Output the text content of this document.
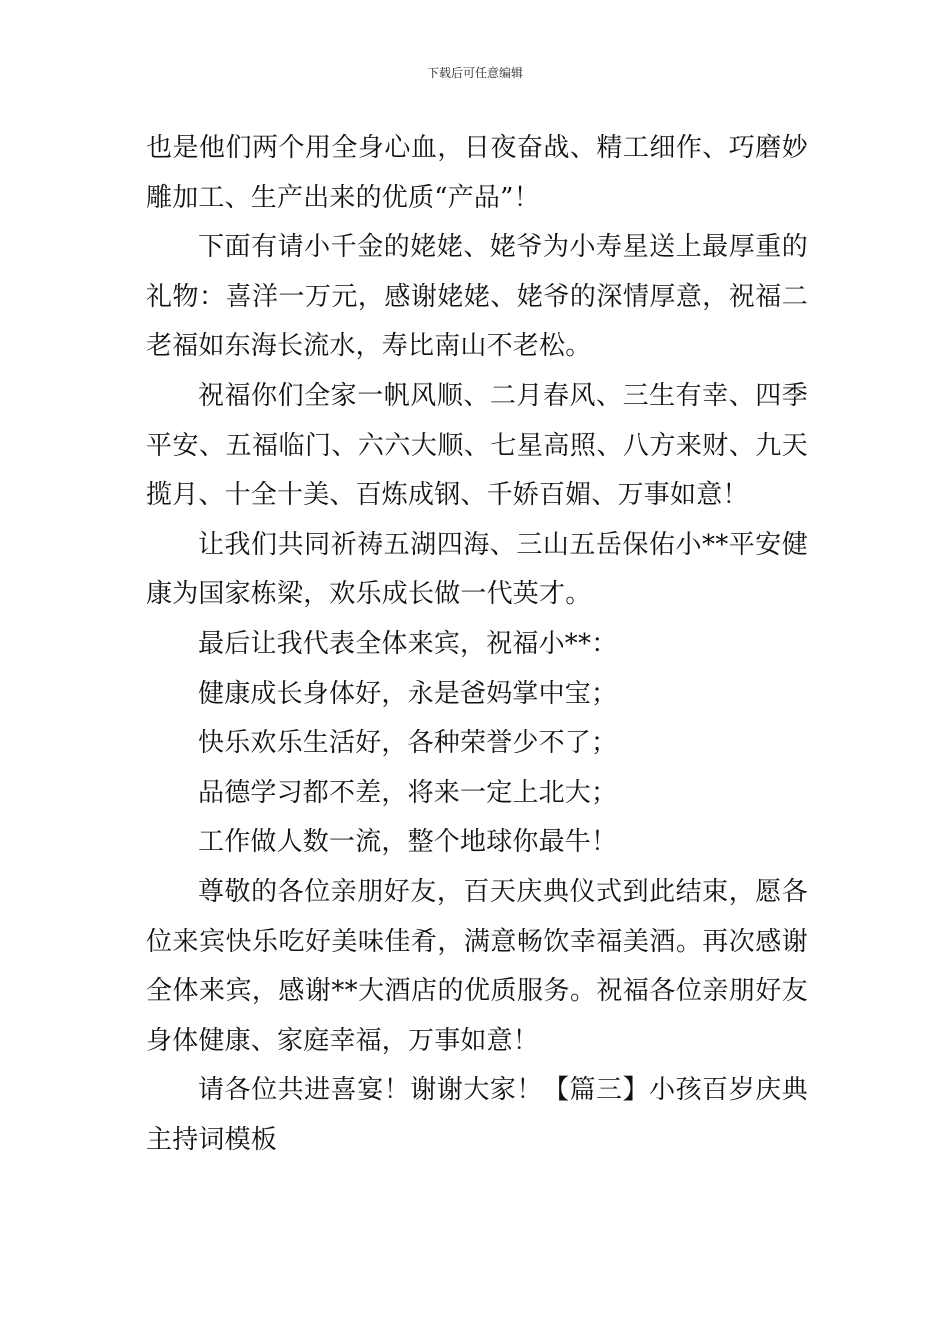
下载后可任意编辑

也是他们两个用全身心血，日夜奋战、精工细作、巧磨妙雕加工、生产出来的优质“产品”！

下面有请小千金的姥姥、姥爷为小寿星送上最厚重的礼物：喜洋一万元，感谢姥姥、姥爷的深情厚意，祝福二老福如东海长流水，寿比南山不老松。

祝福你们全家一帆风顺、二月春风、三生有幸、四季平安、五福临门、六六大顺、七星高照、八方来财、九天揽月、十全十美、百炼成钢、千娇百媚、万事如意！

让我们共同祈祷五湖四海、三山五岳保佑小**平安健康为国家栋梁，欢乐成长做一代英才。

最后让我代表全体来宾，祝福小**：

健康成长身体好，永是爸妈掌中宝；

快乐欢乐生活好，各种荣誉少不了；

品德学习都不差，将来一定上北大；

工作做人数一流，整个地球你最牛！

尊敬的各位亲朋好友，百天庆典仪式到此结束，愿各位来宾快乐吃好美味佳肴，满意畅饮幸福美酒。再次感谢全体来宾，感谢**大酒店的优质服务。祝福各位亲朋好友身体健康、家庭幸福，万事如意！

请各位共进喜宴！谢谢大家！【篇三】小孩百岁庆典主持词模板
